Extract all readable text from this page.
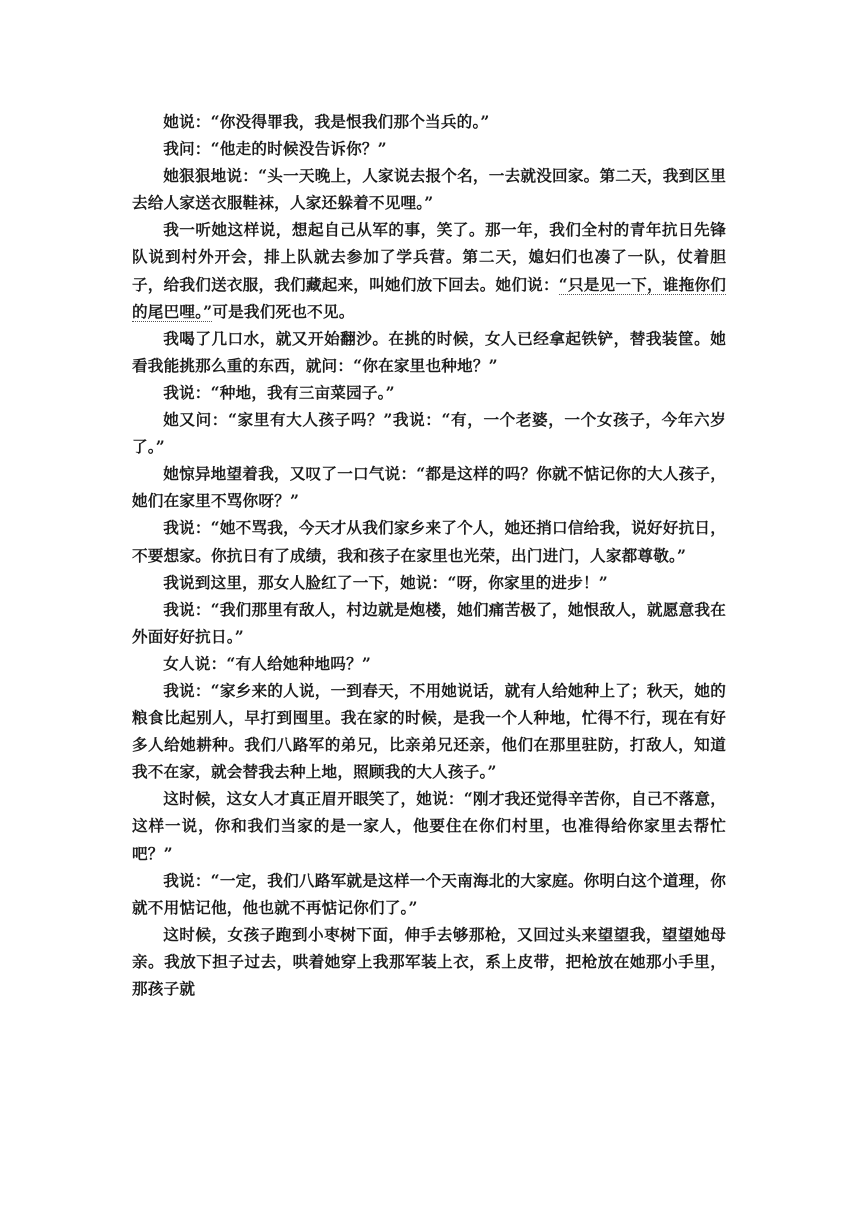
她说：“你没得罪我，我是恨我们那个当兵的。”

我问：“他走的时候没告诉你？”

她狠狠地说：“头一天晚上，人家说去报个名，一去就没回家。第二天，我到区里去给人家送衣服鞋袜，人家还躲着不见哩。”

我一听她这样说，想起自己从军的事，笑了。那一年，我们全村的青年抗日先锋队说到村外开会，排上队就去参加了学兵营。第二天，媳妇们也凑了一队，仗着胆子，给我们送衣服，我们藏起来，叫她们放下回去。她们说：“只是见一下，谁拖你们的尾巴哩。”可是我们死也不见。

我喝了几口水，就又开始翻沙。在挑的时候，女人已经拿起铁铲，替我装筐。她看我能挑那么重的东西，就问：“你在家里也种地？”

我说：“种地，我有三亩菜园子。”

她又问：“家里有大人孩子吗？”我说：“有，一个老婆，一个女孩子，今年六岁了。”

她惊异地望着我，又叹了一口气说：“都是这样的吗？你就不惦记你的大人孩子，她们在家里不骂你呀？”

我说：“她不骂我，今天才从我们家乡来了个人，她还捎口信给我，说好好抗日，不要想家。你抗日有了成绩，我和孩子在家里也光荣，出门进门，人家都尊敬。”

我说到这里，那女人脸红了一下，她说：“呀，你家里的进步！”

我说：“我们那里有敌人，村边就是炮楼，她们痛苦极了，她恨敌人，就愿意我在外面好好抗日。”

女人说：“有人给她种地吗？”

我说：“家乡来的人说，一到春天，不用她说话，就有人给她种上了；秋天，她的粮食比起别人，早打到囤里。我在家的时候，是我一个人种地，忙得不行，现在有好多人给她耕种。我们八路军的弟兄，比亲弟兄还亲，他们在那里驻防，打敌人，知道我不在家，就会替我去种上地，照顾我的大人孩子。”

这时候，这女人才真正眉开眼笑了，她说：“刚才我还觉得辛苦你，自己不落意，这样一说，你和我们当家的是一家人，他要住在你们村里，也准得给你家里去帮忙吧？”

我说：“一定，我们八路军就是这样一个天南海北的大家庭。你明白这个道理，你就不用惦记他，他也就不再惦记你们了。”

这时候，女孩子跑到小枣树下面，伸手去够那枪，又回过头来望望我，望望她母亲。我放下担子过去，哄着她穿上我那军装上衣，系上皮带，把枪放在她那小手里，那孩子就
